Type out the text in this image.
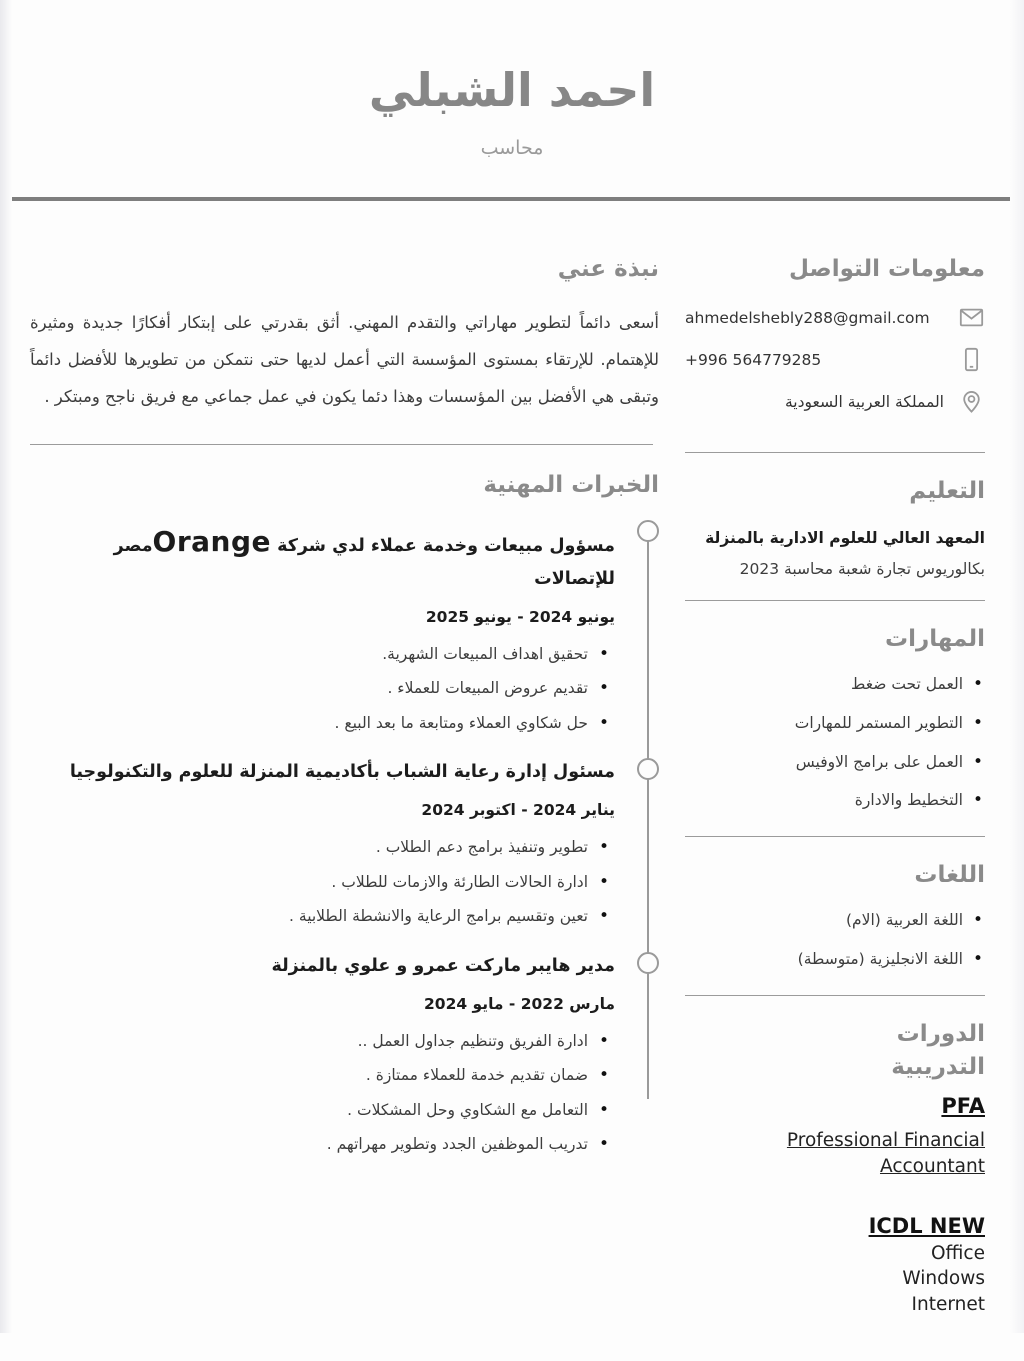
احمد الشبلي
محاسب
معلومات التواصل
ahmedelshebly288@gmail.com
+996 564779285
المملكة العربية السعودية
التعليم
المعهد العالي للعلوم الادارية بالمنزلة
بكالوريوس تجارة شعبة محاسبة 2023
المهارات
• العمل تحت ضغط
• التطوير المستمر للمهارات
• العمل على برامج الاوفيس
• التخطيط والادارة
اللغات
• اللغة العربية (الام)
• اللغة الانجليزية (متوسطة)
الدورات التدريبية
PFA
Professional Financial Accountant
ICDL NEW
Office
Windows
Internet
نبذة عني

أسعى دائماً لتطوير مهاراتي والتقدم المهني. أثق بقدرتي على إبتكار أفكارًا جديدة ومثيرة للإهتمام. للإرتقاء بمستوى المؤسسة التي أعمل لديها حتى نتمكن من تطويرها للأفضل دائماً وتبقى هي الأفضل بين المؤسسات وهذا دئما يكون في عمل جماعي مع فريق ناجح ومبتكر .

الخبرات المهنية
مسؤول مبيعات وخدمة عملاء لدي شركة Orangeمصر للإتصالات
يونيو 2024 - يونيو 2025
• تحقيق اهداف المبيعات الشهرية.
• تقديم عروض المبيعات للعملاء .
• حل شكاوي العملاء ومتابعة ما بعد البيع .
مسئول إدارة رعاية الشباب بأكاديمية المنزلة للعلوم والتكنولوجيا
يناير 2024 - اكتوبر 2024
• تطوير وتنفيذ برامج دعم الطلاب .
• ادارة الحالات الطارئة والازمات للطلاب .
• تعين وتقسيم برامج الرعاية والانشطة الطلابية .
مدير هايبر ماركت عمرو و علوي بالمنزلة
مارس 2022 - مايو 2024
• ادارة الفريق وتنظيم جداول العمل ..
• ضمان تقديم خدمة للعملاء ممتازة .
• التعامل مع الشكاوي وحل المشكلات .
• تدريب الموظفين الجدد وتطوير مهراتهم .
